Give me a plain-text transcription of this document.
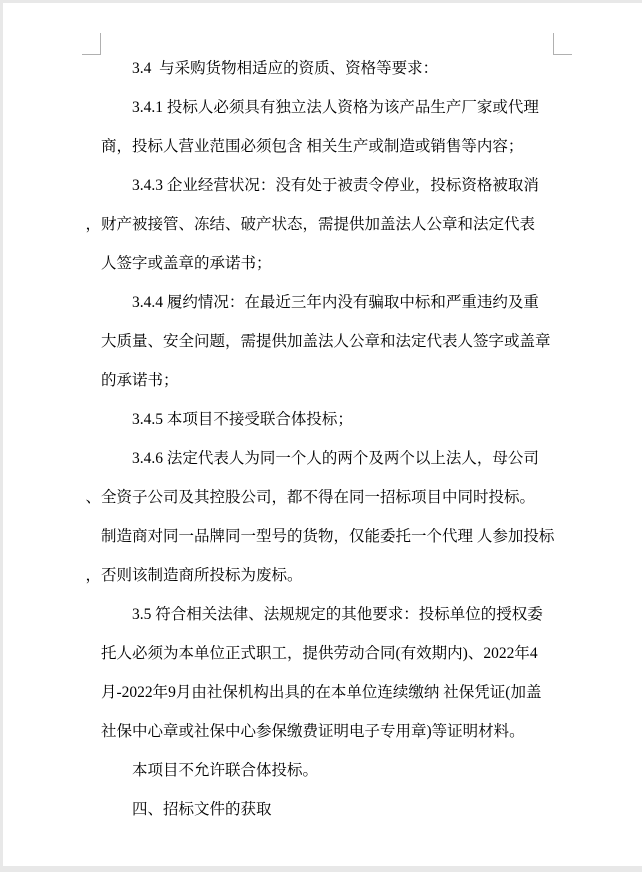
3.4  与采购货物相适应的资质、资格等要求：
3.4.1 投标人必须具有独立法人资格为该产品生产厂家或代理
商，投标人营业范围必须包含 相关生产或制造或销售等内容；
3.4.3 企业经营状况：没有处于被责令停业，投标资格被取消
，财产被接管、冻结、破产状态，需提供加盖法人公章和法定代表
人签字或盖章的承诺书；
3.4.4 履约情况：在最近三年内没有骗取中标和严重违约及重
大质量、安全问题，需提供加盖法人公章和法定代表人签字或盖章
的承诺书；
3.4.5 本项目不接受联合体投标；
3.4.6 法定代表人为同一个人的两个及两个以上法人，母公司
、全资子公司及其控股公司，都不得在同一招标项目中同时投标。
制造商对同一品牌同一型号的货物，仅能委托一个代理 人参加投标
，否则该制造商所投标为废标。
3.5 符合相关法律、法规规定的其他要求：投标单位的授权委
托人必须为本单位正式职工，提供劳动合同(有效期内)、2022年4
月-2022年9月由社保机构出具的在本单位连续缴纳 社保凭证(加盖
社保中心章或社保中心参保缴费证明电子专用章)等证明材料。
本项目不允许联合体投标。
四、招标文件的获取
